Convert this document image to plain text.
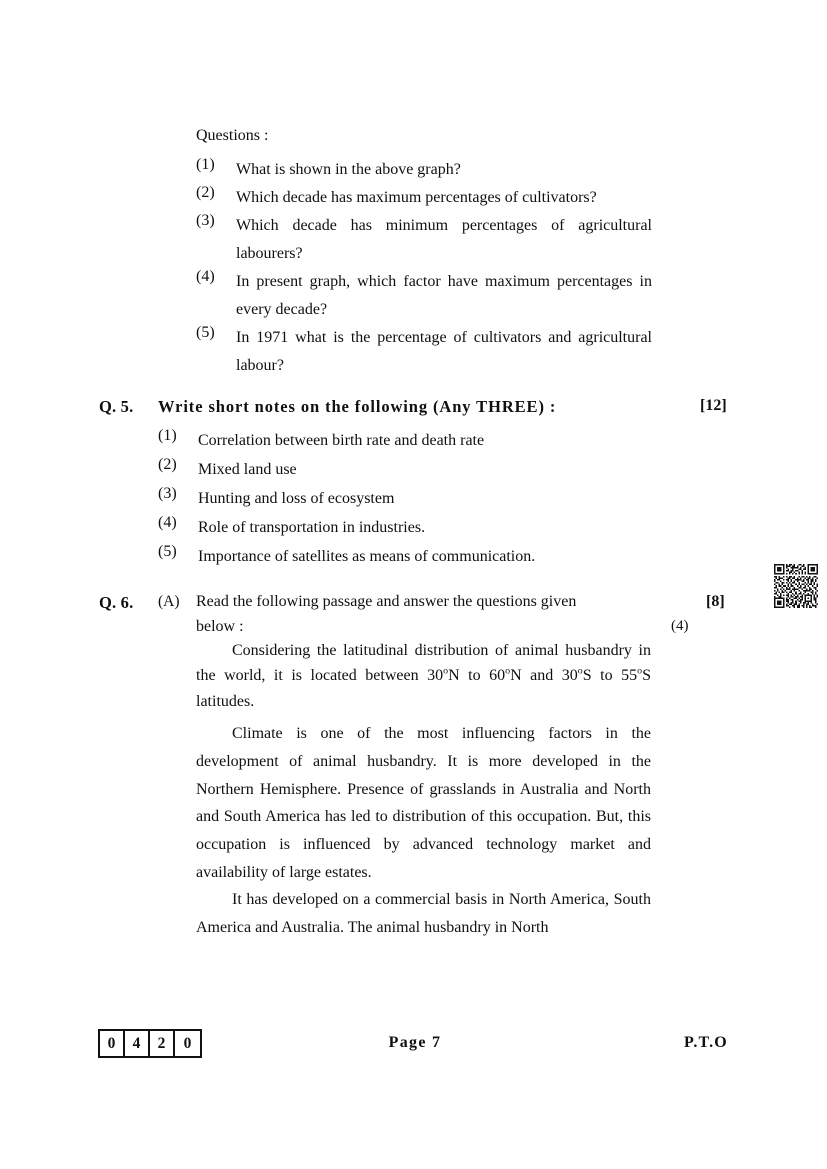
Questions :
(1)	What is shown in the above graph?
(2)	Which decade has maximum percentages of cultivators?
(3)	Which decade has minimum percentages of agricultural labourers?
(4)	In present graph, which factor have maximum percentages in every decade?
(5)	In 1971 what is the percentage of cultivators and agricultural labour?
Q. 5. Write short notes on the following (Any THREE) :	[12]
(1)	Correlation between birth rate and death rate
(2)	Mixed land use
(3)	Hunting and loss of ecosystem
(4)	Role of transportation in industries.
(5)	Importance of satellites as means of communication.
Q. 6. (A) Read the following passage and answer the questions given
below :
[8]
(4)
Considering the latitudinal distribution of animal husbandry in the world, it is located between 30$^o$N to 60$^o$N and 30$^o$S to 55$^o$S latitudes.
Climate is one of the most influencing factors in the development of animal husbandry. It is more developed in the Northern Hemisphere. Presence of grasslands in Australia and North and South America has led to distribution of this occupation. But, this occupation is influenced by advanced technology market and availability of large estates.
It has developed on a commercial basis in North America, South America and Australia. The animal husbandry in North
0	4	2	0	Page 7	P.T.O
